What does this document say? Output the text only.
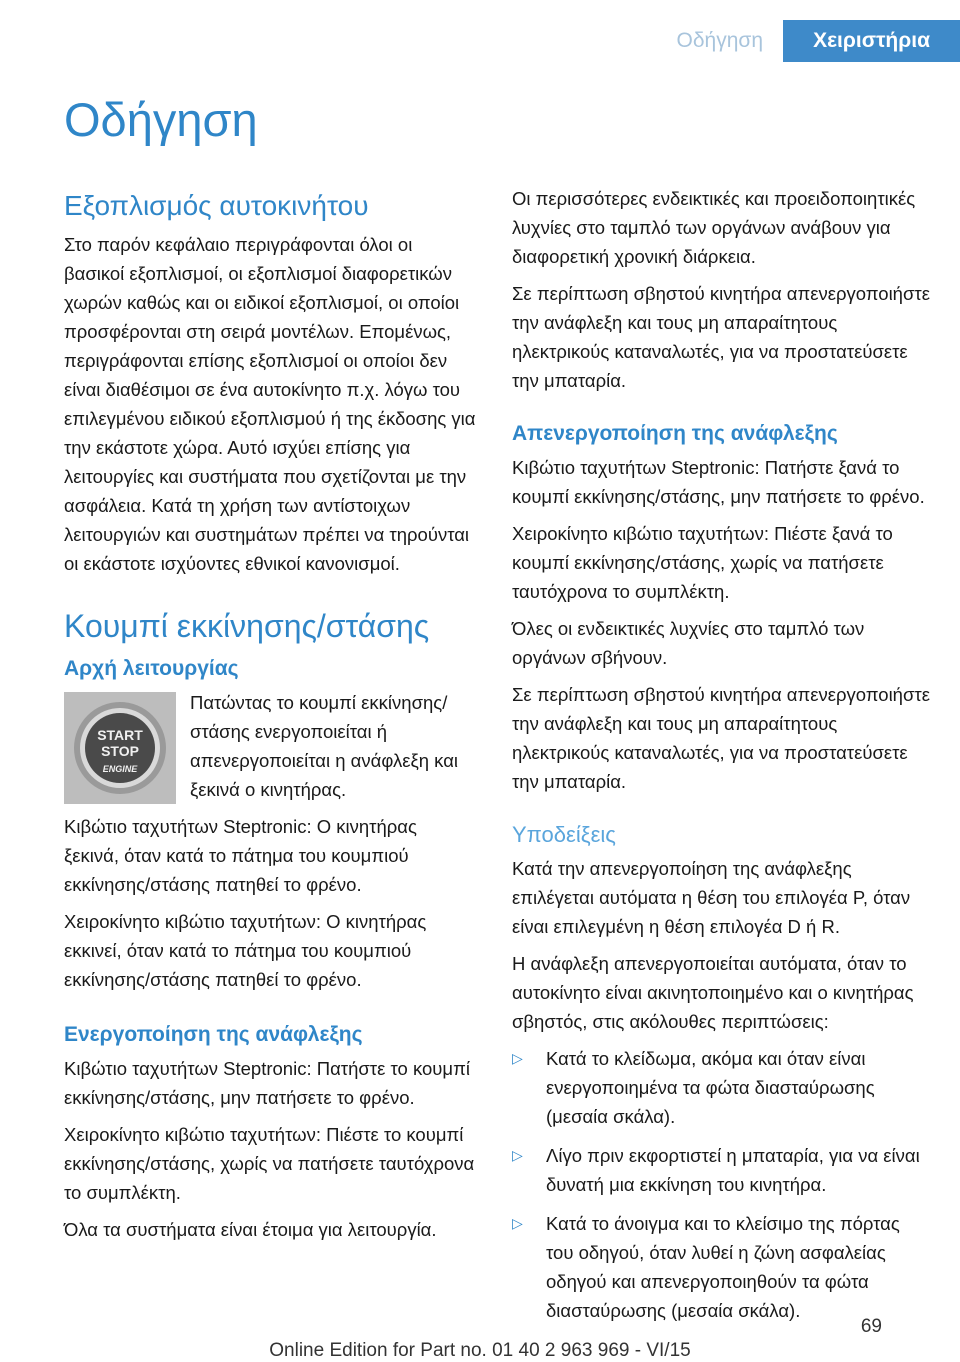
Οδήγηση	Χειριστήρια
Οδήγηση
Εξοπλισμός αυτοκινήτου

Στο παρόν κεφάλαιο περιγράφονται όλοι οι βασικοί εξοπλισμοί, οι εξοπλισμοί διαφορετικών χωρών καθώς και οι ειδικοί εξοπλισμοί, οι οποίοι προσφέρονται στη σειρά μοντέλων. Επομένως, περιγράφονται επίσης εξοπλισμοί οι οποίοι δεν είναι διαθέσιμοι σε ένα αυτοκίνητο π.χ. λόγω του επιλεγμένου ειδικού εξοπλισμού ή της έκδοσης για την εκάστοτε χώρα. Αυτό ισχύει επίσης για λειτουργίες και συστήματα που σχετίζονται με την ασφάλεια. Κατά τη χρήση των αντίστοιχων λειτουργιών και συστημάτων πρέπει να τηρούνται οι εκάστοτε ισχύοντες εθνικοί κανονισμοί.

Κουμπί εκκίνησης/στάσης
Αρχή λειτουργίας
START
STOP
ENGINE

Πατώντας το κουμπί εκκίνησης/στάσης ενεργοποιείται ή απενεργοποιείται η ανάφλεξη και ξεκινά ο κινητήρας.

Κιβώτιο ταχυτήτων Steptronic: Ο κινητήρας ξεκινά, όταν κατά το πάτημα του κουμπιού εκκίνησης/στάσης πατηθεί το φρένο.

Χειροκίνητο κιβώτιο ταχυτήτων: Ο κινητήρας εκκινεί, όταν κατά το πάτημα του κουμπιού εκκίνησης/στάσης πατηθεί το φρένο.

Ενεργοποίηση της ανάφλεξης

Κιβώτιο ταχυτήτων Steptronic: Πατήστε το κουμπί εκκίνησης/στάσης, μην πατήσετε το φρένο.

Χειροκίνητο κιβώτιο ταχυτήτων: Πιέστε το κουμπί εκκίνησης/στάσης, χωρίς να πατήσετε ταυτόχρονα το συμπλέκτη.

Όλα τα συστήματα είναι έτοιμα για λειτουργία.

Οι περισσότερες ενδεικτικές και προειδοποιητικές λυχνίες στο ταμπλό των οργάνων ανάβουν για διαφορετική χρονική διάρκεια.

Σε περίπτωση σβηστού κινητήρα απενεργοποιήστε την ανάφλεξη και τους μη απαραίτητους ηλεκτρικούς καταναλωτές, για να προστατεύσετε την μπαταρία.

Απενεργοποίηση της ανάφλεξης

Κιβώτιο ταχυτήτων Steptronic: Πατήστε ξανά το κουμπί εκκίνησης/στάσης, μην πατήσετε το φρένο.

Χειροκίνητο κιβώτιο ταχυτήτων: Πιέστε ξανά το κουμπί εκκίνησης/στάσης, χωρίς να πατήσετε ταυτόχρονα το συμπλέκτη.

Όλες οι ενδεικτικές λυχνίες στο ταμπλό των οργάνων σβήνουν.

Σε περίπτωση σβηστού κινητήρα απενεργοποιήστε την ανάφλεξη και τους μη απαραίτητους ηλεκτρικούς καταναλωτές, για να προστατεύσετε την μπαταρία.

Υποδείξεις

Κατά την απενεργοποίηση της ανάφλεξης επιλέγεται αυτόματα η θέση του επιλογέα P, όταν είναι επιλεγμένη η θέση επιλογέα D ή R.

Η ανάφλεξη απενεργοποιείται αυτόματα, όταν το αυτοκίνητο είναι ακινητοποιημένο και ο κινητήρας σβηστός, στις ακόλουθες περιπτώσεις:

▷	Κατά το κλείδωμα, ακόμα και όταν είναι ενεργοποιημένα τα φώτα διασταύρωσης (μεσαία σκάλα).
▷	Λίγο πριν εκφορτιστεί η μπαταρία, για να είναι δυνατή μια εκκίνηση του κινητήρα.
▷	Κατά το άνοιγμα και το κλείσιμο της πόρτας του οδηγού, όταν λυθεί η ζώνη ασφαλείας οδηγού και απενεργοποιηθούν τα φώτα διασταύρωσης (μεσαία σκάλα).
69
Online Edition for Part no. 01 40 2 963 969 - VI/15
